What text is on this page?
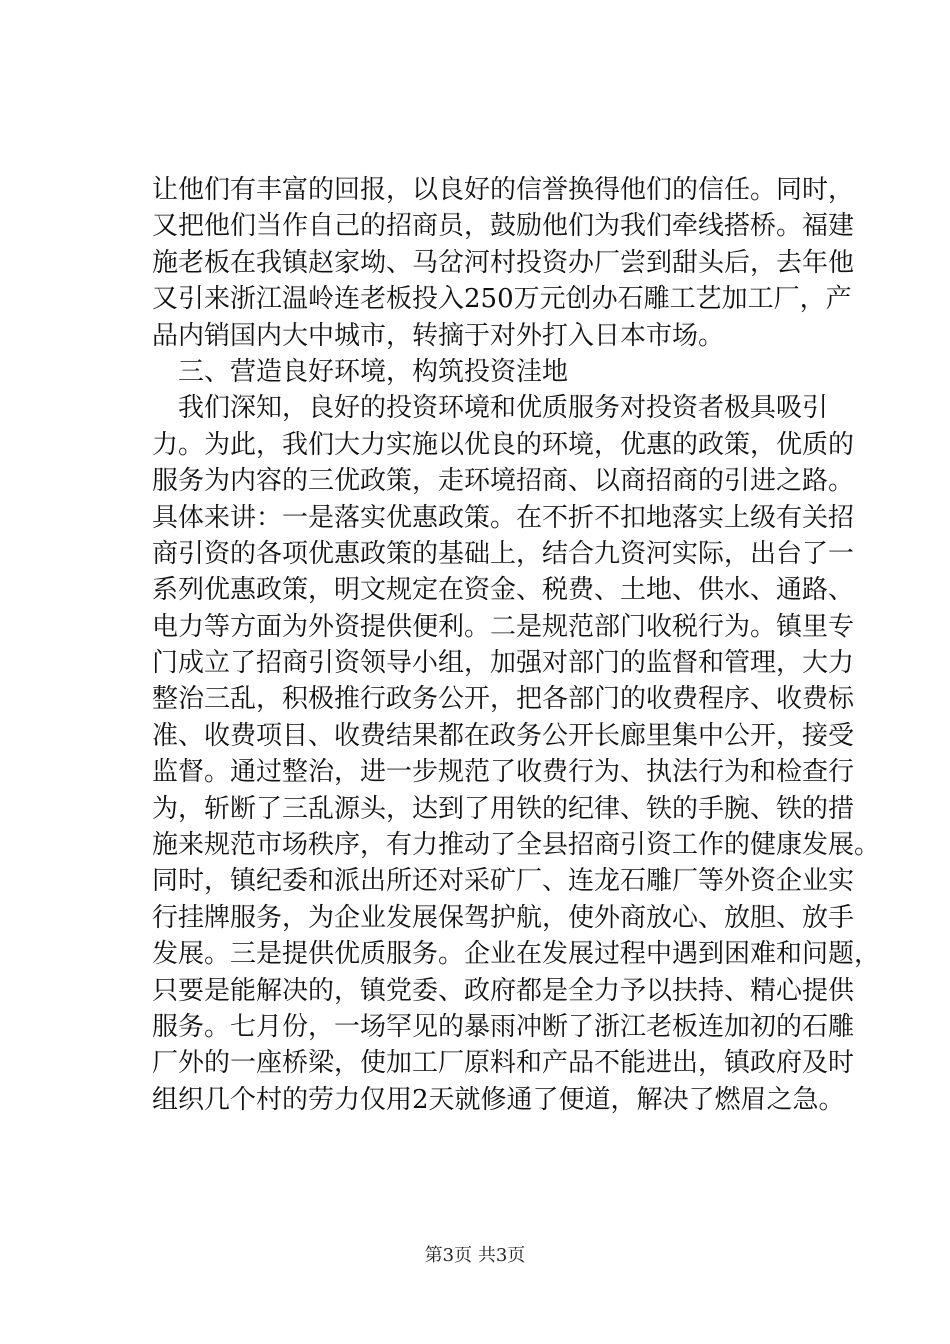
让他们有丰富的回报，以良好的信誉换得他们的信任。同时，
又把他们当作自己的招商员，鼓励他们为我们牵线搭桥。福建
施老板在我镇赵家坳、马岔河村投资办厂尝到甜头后，去年他
又引来浙江温岭连老板投入250万元创办石雕工艺加工厂，产
品内销国内大中城市，转摘于对外打入日本市场。
三、营造良好环境，构筑投资洼地
我们深知，良好的投资环境和优质服务对投资者极具吸引
力。为此，我们大力实施以优良的环境，优惠的政策，优质的
服务为内容的三优政策，走环境招商、以商招商的引进之路。
具体来讲：一是落实优惠政策。在不折不扣地落实上级有关招
商引资的各项优惠政策的基础上，结合九资河实际，出台了一
系列优惠政策，明文规定在资金、税费、土地、供水、通路、
电力等方面为外资提供便利。二是规范部门收税行为。镇里专
门成立了招商引资领导小组，加强对部门的监督和管理，大力
整治三乱，积极推行政务公开，把各部门的收费程序、收费标
准、收费项目、收费结果都在政务公开长廊里集中公开，接受
监督。通过整治，进一步规范了收费行为、执法行为和检查行
为，斩断了三乱源头，达到了用铁的纪律、铁的手腕、铁的措
施来规范市场秩序，有力推动了全县招商引资工作的健康发展。
同时，镇纪委和派出所还对采矿厂、连龙石雕厂等外资企业实
行挂牌服务，为企业发展保驾护航，使外商放心、放胆、放手
发展。三是提供优质服务。企业在发展过程中遇到困难和问题，
只要是能解决的，镇党委、政府都是全力予以扶持、精心提供
服务。七月份，一场罕见的暴雨冲断了浙江老板连加初的石雕
厂外的一座桥梁，使加工厂原料和产品不能进出，镇政府及时
组织几个村的劳力仅用2天就修通了便道，解决了燃眉之急。
第3页 共3页
